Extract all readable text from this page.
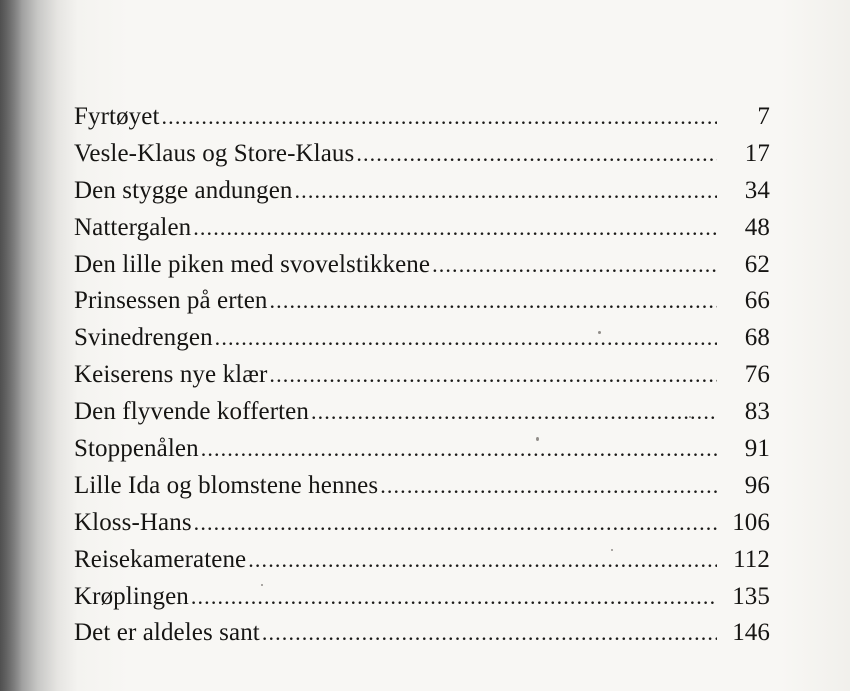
Fyrtøyet .....	7
Vesle-Klaus og Store-Klaus .....	17
Den stygge andungen .....	34
Nattergalen .....	48
Den lille piken med svovelstikkene .....	62
Prinsessen på erten .....	66
Svinedrengen .....	68
Keiserens nye klær .....	76
Den flyvende kofferten .....	83
Stoppenålen .....	91
Lille Ida og blomstene hennes .....	96
Kloss-Hans .....	106
Reisekameratene .....	112
Krøplingen .....	135
Det er aldeles sant .....	146
